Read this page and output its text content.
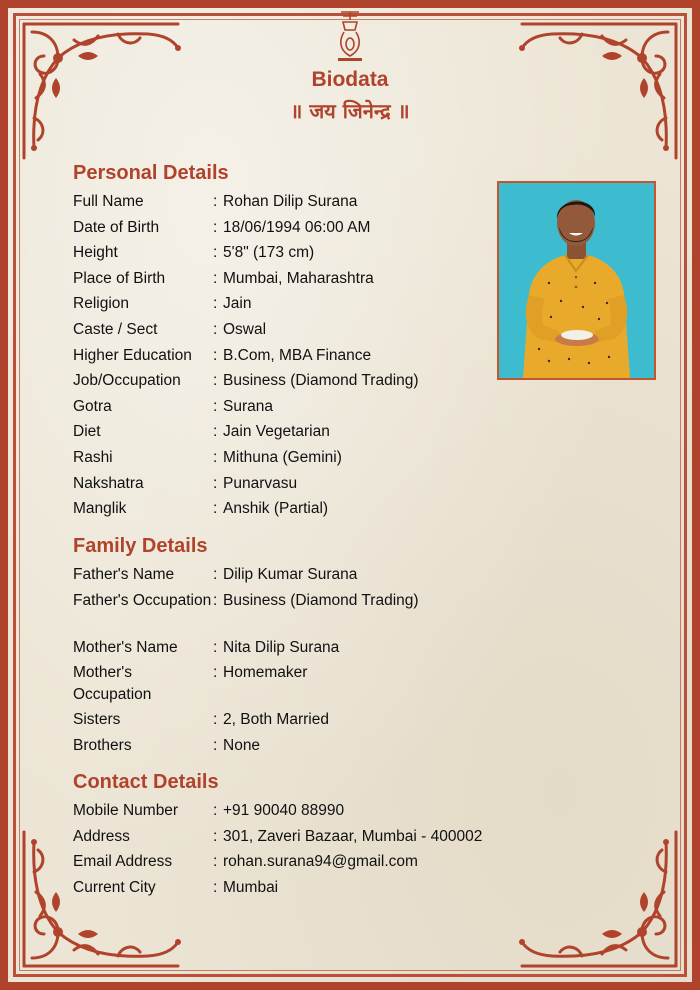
Biodata
॥ जय जिनेन्द्र ॥
Personal Details
Full Name	: Rohan Dilip Surana
Date of Birth	: 18/06/1994 06:00 AM
Height	: 5'8" (173 cm)
Place of Birth	: Mumbai, Maharashtra
Religion	: Jain
Caste / Sect	: Oswal
Higher Education	: B.Com, MBA Finance
Job/Occupation	: Business (Diamond Trading)
Gotra	: Surana
Diet	: Jain Vegetarian
Rashi	: Mithuna (Gemini)
Nakshatra	: Punarvasu
Manglik	: Anshik (Partial)
Family Details
Father's Name	: Dilip Kumar Surana
Father's Occupation : Business (Diamond Trading)
Mother's Name	: Nita Dilip Surana
Mother's Occupation
: Homemaker
Sisters	: 2, Both Married
Brothers	: None
Contact Details
Mobile Number	: +91 90040 88990
Address	: 301, Zaveri Bazaar, Mumbai - 400002
Email Address	: rohan.surana94@gmail.com
Current City	: Mumbai
